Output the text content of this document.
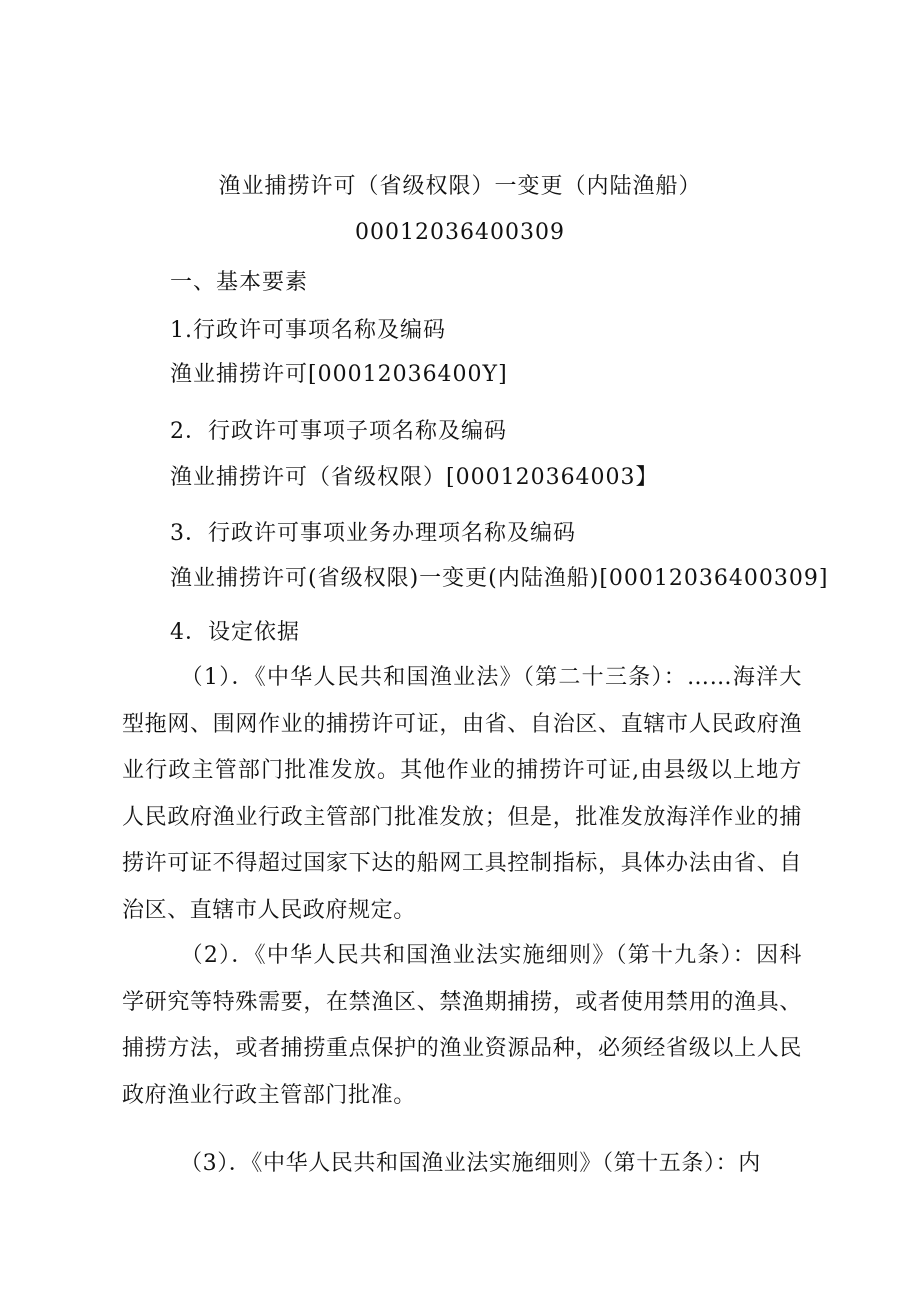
渔业捕捞许可（省级权限）一变更（内陆渔船）
00012036400309
一、基本要素
1.行政许可事项名称及编码
渔业捕捞许可[00012036400Y]
2．行政许可事项子项名称及编码
渔业捕捞许可（省级权限）[000120364003】
3．行政许可事项业务办理项名称及编码
渔业捕捞许可(省级权限)一变更(内陆渔船)[00012036400309]
4．设定依据
（1）．《中华人民共和国渔业法》（第二十三条）：……海洋大型拖网、围网作业的捕捞许可证，由省、自治区、直辖市人民政府渔业行政主管部门批准发放。其他作业的捕捞许可证,由县级以上地方人民政府渔业行政主管部门批准发放；但是，批准发放海洋作业的捕捞许可证不得超过国家下达的船网工具控制指标，具体办法由省、自治区、直辖市人民政府规定。
（2）．《中华人民共和国渔业法实施细则》（第十九条）：因科学研究等特殊需要，在禁渔区、禁渔期捕捞，或者使用禁用的渔具、捕捞方法，或者捕捞重点保护的渔业资源品种，必须经省级以上人民政府渔业行政主管部门批准。
（3）．《中华人民共和国渔业法实施细则》（第十五条）：内
